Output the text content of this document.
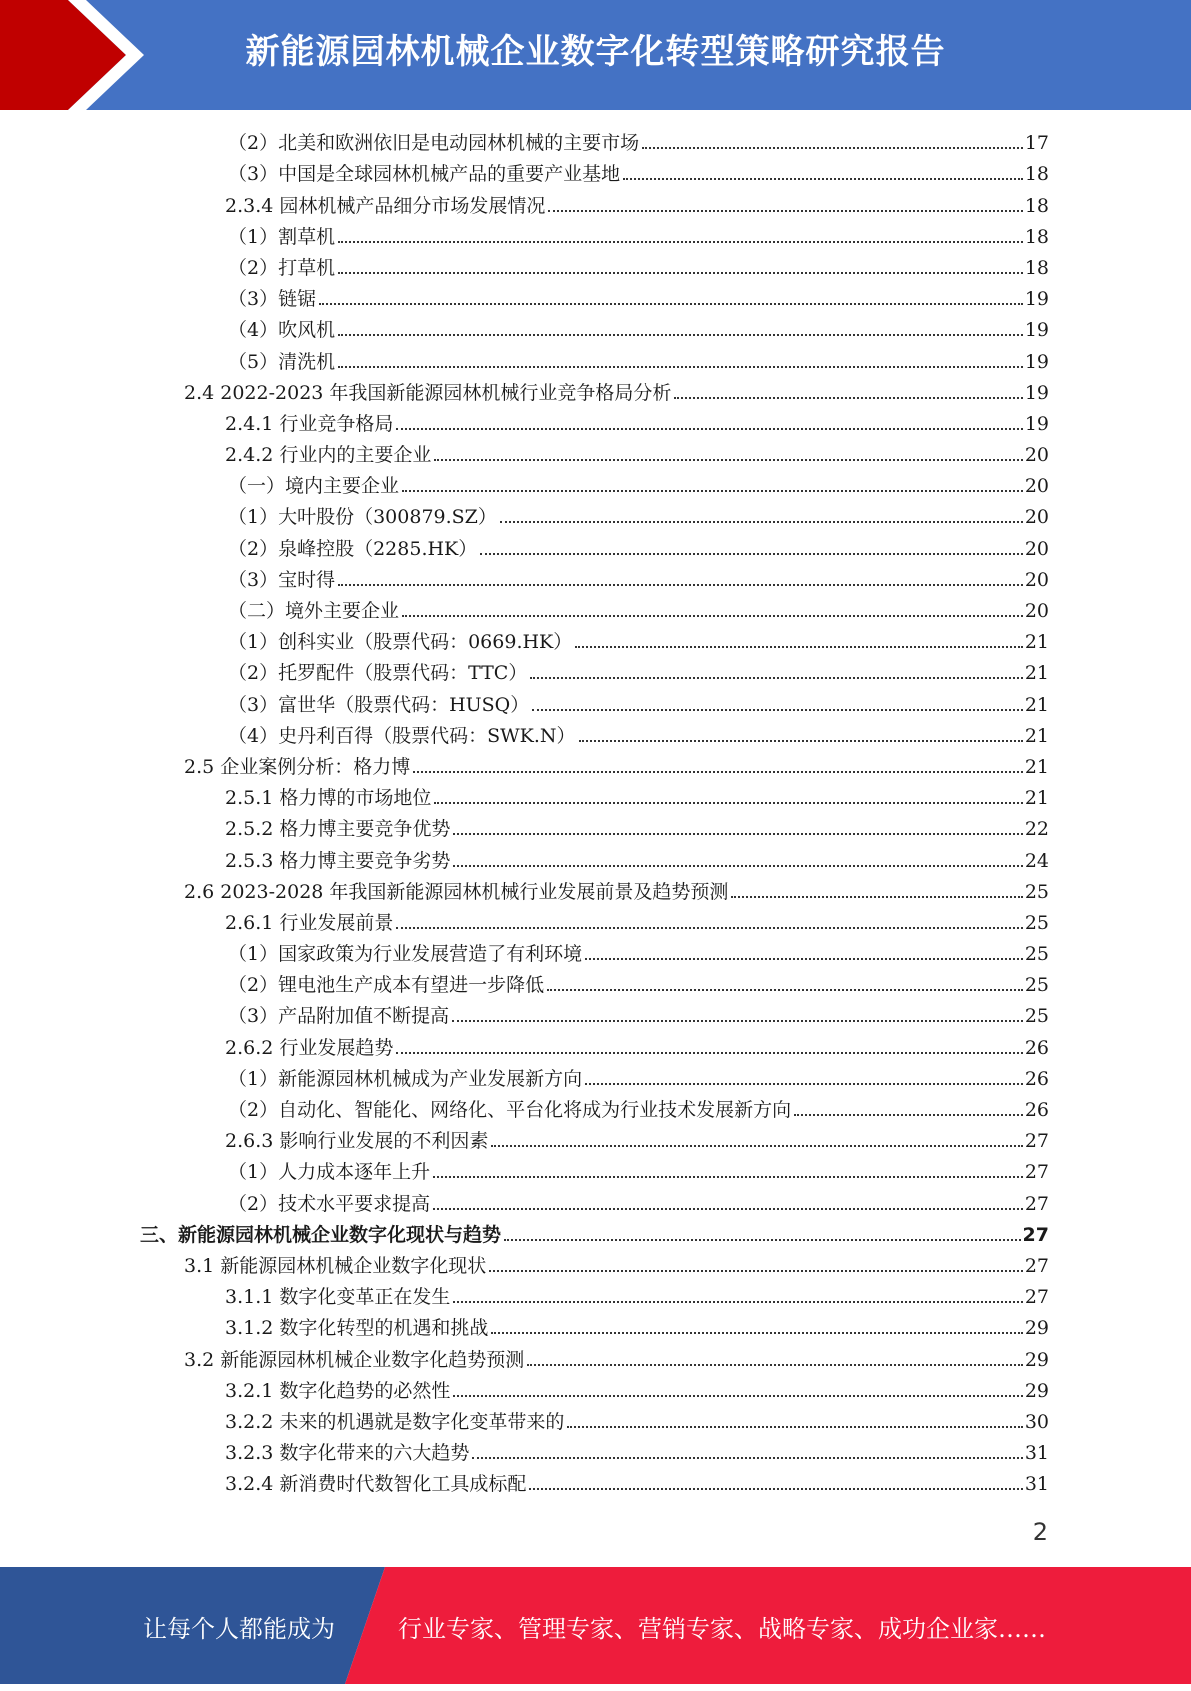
新能源园林机械企业数字化转型策略研究报告
（2）北美和欧洲依旧是电动园林机械的主要市场	17
（3）中国是全球园林机械产品的重要产业基地	18
2.3.4 园林机械产品细分市场发展情况	18
（1）割草机	18
（2）打草机	18
（3）链锯	19
（4）吹风机	19
（5）清洗机	19
2.4 2022-2023 年我国新能源园林机械行业竞争格局分析	19
2.4.1 行业竞争格局	19
2.4.2 行业内的主要企业	20
（一）境内主要企业	20
（1）大叶股份（300879.SZ）	20
（2）泉峰控股（2285.HK）	20
（3）宝时得	20
（二）境外主要企业	20
（1）创科实业（股票代码：0669.HK）	21
（2）托罗配件（股票代码：TTC）	21
（3）富世华（股票代码：HUSQ）	21
（4）史丹利百得（股票代码：SWK.N）	21
2.5 企业案例分析：格力博	21
2.5.1 格力博的市场地位	21
2.5.2 格力博主要竞争优势	22
2.5.3 格力博主要竞争劣势	24
2.6 2023-2028 年我国新能源园林机械行业发展前景及趋势预测	25
2.6.1 行业发展前景	25
（1）国家政策为行业发展营造了有利环境	25
（2）锂电池生产成本有望进一步降低	25
（3）产品附加值不断提高	25
2.6.2 行业发展趋势	26
（1）新能源园林机械成为产业发展新方向	26
（2）自动化、智能化、网络化、平台化将成为行业技术发展新方向	26
2.6.3 影响行业发展的不利因素	27
（1）人力成本逐年上升	27
（2）技术水平要求提高	27
三、新能源园林机械企业数字化现状与趋势	27
3.1 新能源园林机械企业数字化现状	27
3.1.1 数字化变革正在发生	27
3.1.2 数字化转型的机遇和挑战	29
3.2 新能源园林机械企业数字化趋势预测	29
3.2.1 数字化趋势的必然性	29
3.2.2 未来的机遇就是数字化变革带来的	30
3.2.3 数字化带来的六大趋势	31
3.2.4 新消费时代数智化工具成标配	31
2
让每个人都能成为	行业专家、管理专家、营销专家、战略专家、成功企业家……
